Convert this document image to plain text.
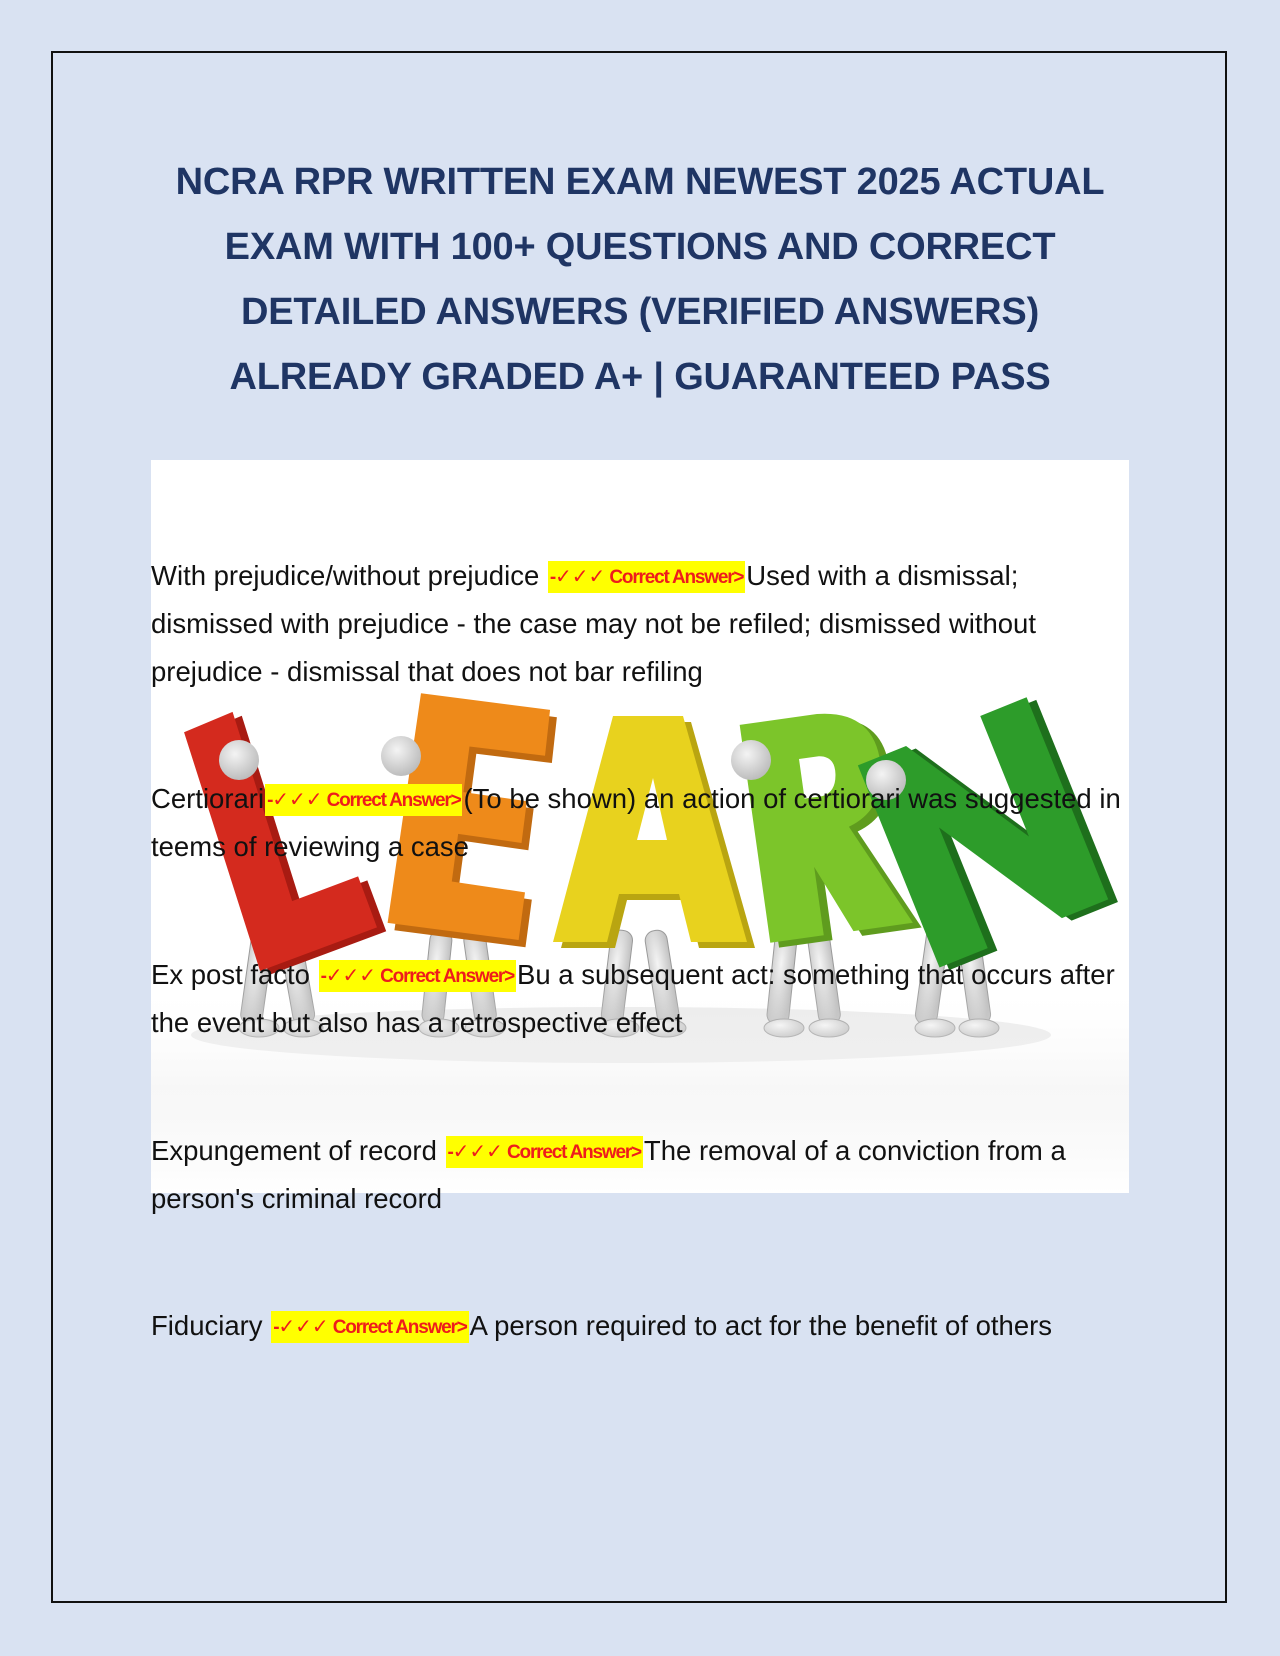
NCRA RPR WRITTEN EXAM NEWEST 2025 ACTUAL
EXAM WITH 100+ QUESTIONS AND CORRECT
DETAILED ANSWERS (VERIFIED ANSWERS)
ALREADY GRADED A+ | GUARANTEED PASS

With prejudice/without prejudice -✓✓✓ Correct Answer> Used with a dismissal; dismissed with prejudice - the case may not be refiled; dismissed without prejudice - dismissal that does not bar refiling

Certiorari -✓✓✓ Correct Answer> (To be shown) an action of certiorari was suggested in teems of reviewing a case

Ex post facto -✓✓✓ Correct Answer> Bu a subsequent act: something that occurs after the event but also has a retrospective effect

Expungement of record -✓✓✓ Correct Answer> The removal of a conviction from a person's criminal record

Fiduciary -✓✓✓ Correct Answer> A person required to act for the benefit of others
